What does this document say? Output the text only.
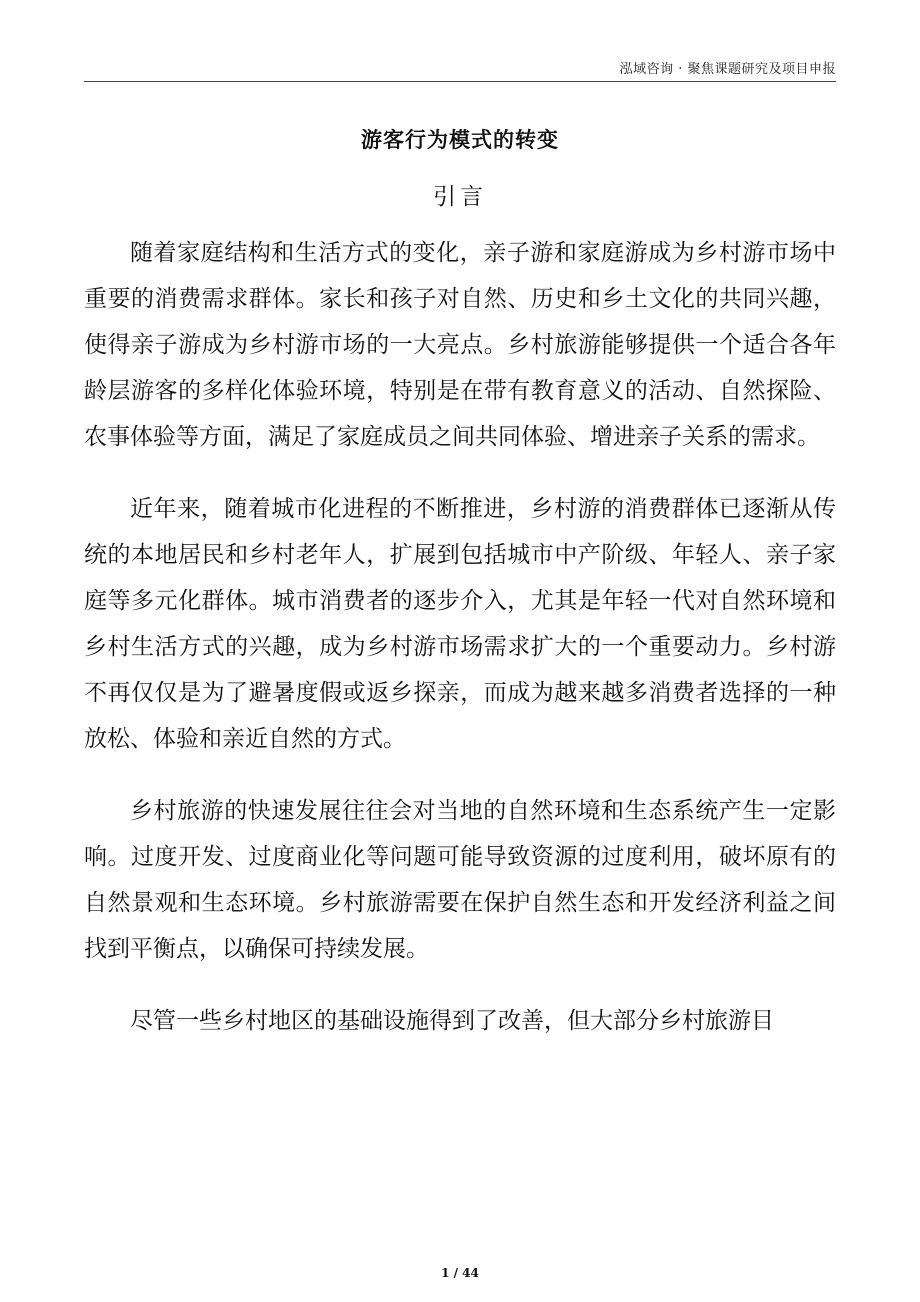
泓域咨询 · 聚焦课题研究及项目申报
游客行为模式的转变
引言

随着家庭结构和生活方式的变化，亲子游和家庭游成为乡村游市场中重要的消费需求群体。家长和孩子对自然、历史和乡土文化的共同兴趣，使得亲子游成为乡村游市场的一大亮点。乡村旅游能够提供一个适合各年龄层游客的多样化体验环境，特别是在带有教育意义的活动、自然探险、农事体验等方面，满足了家庭成员之间共同体验、增进亲子关系的需求。

近年来，随着城市化进程的不断推进，乡村游的消费群体已逐渐从传统的本地居民和乡村老年人，扩展到包括城市中产阶级、年轻人、亲子家庭等多元化群体。城市消费者的逐步介入，尤其是年轻一代对自然环境和乡村生活方式的兴趣，成为乡村游市场需求扩大的一个重要动力。乡村游不再仅仅是为了避暑度假或返乡探亲，而成为越来越多消费者选择的一种放松、体验和亲近自然的方式。

乡村旅游的快速发展往往会对当地的自然环境和生态系统产生一定影响。过度开发、过度商业化等问题可能导致资源的过度利用，破坏原有的自然景观和生态环境。乡村旅游需要在保护自然生态和开发经济利益之间找到平衡点，以确保可持续发展。

尽管一些乡村地区的基础设施得到了改善，但大部分乡村旅游目

1 / 44
